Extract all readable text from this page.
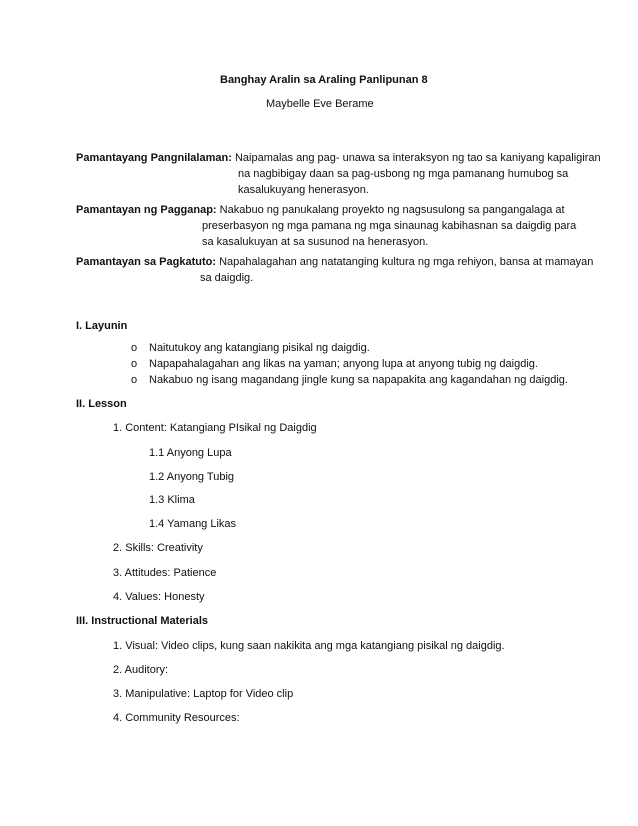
Banghay Aralin sa Araling Panlipunan 8
Maybelle Eve Berame
Pamantayang Pangnilalaman: Naipamalas ang pag- unawa sa interaksyon ng tao sa kaniyang kapaligiran
na nagbibigay daan sa pag-usbong ng mga pamanang humubog sa
kasalukuyang henerasyon.
Pamantayan ng Pagganap: Nakabuo ng panukalang proyekto ng nagsusulong sa pangangalaga at
preserbasyon ng mga pamana ng mga sinaunag kabihasnan sa daigdig para
sa kasalukuyan at sa susunod na henerasyon.
Pamantayan sa Pagkatuto: Napahalagahan ang natatanging kultura ng mga rehiyon, bansa at mamayan
sa daigdig.
I. Layunin
o Naitutukoy ang katangiang pisikal ng daigdig.
o Napapahalagahan ang likas na yaman; anyong lupa at anyong tubig ng daigdig.
o Nakabuo ng isang magandang jingle kung sa napapakita ang kagandahan ng daigdig.
II. Lesson
1. Content: Katangiang PIsikal ng Daigdig
1.1 Anyong Lupa
1.2 Anyong Tubig
1.3 Klima
1.4 Yamang Likas
2. Skills: Creativity
3. Attitudes: Patience
4. Values: Honesty
III. Instructional Materials
1. Visual: Video clips, kung saan nakikita ang mga katangiang pisikal ng daigdig.
2. Auditory:
3. Manipulative: Laptop for Video clip
4. Community Resources:
